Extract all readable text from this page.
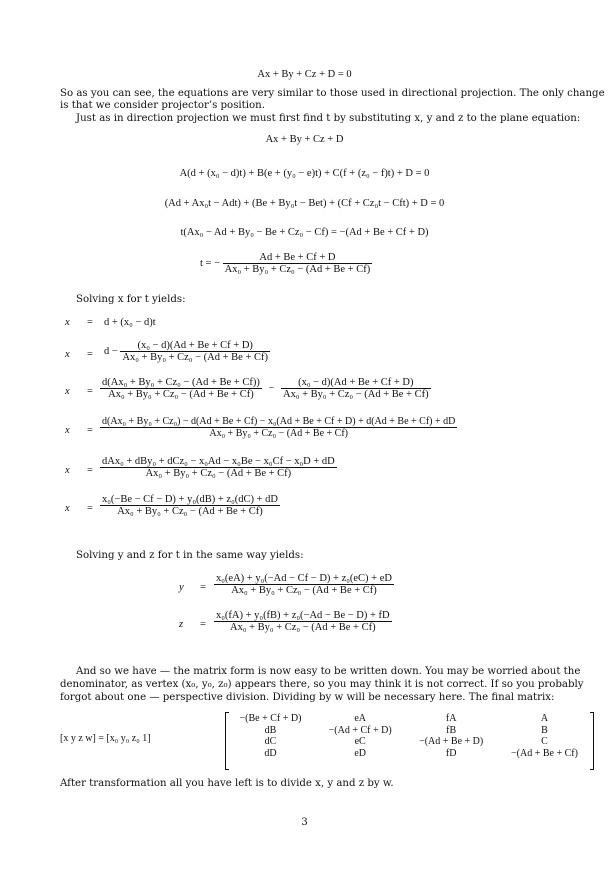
Ax + By + Cz + D = 0
So as you can see, the equations are very similar to those used in directional projection. The only change
is that we consider projector’s position.
Just as in direction projection we must first find t by substituting x, y and z to the plane equation:
Ax + By + Cz + D
A(d + (x₀ − d)t) + B(e + (y₀ − e)t) + C(f + (z₀ − f)t) + D = 0
(Ad + Ax₀t − Adt) + (Be + By₀t − Bet) + (Cf + Cz₀t − Cft) + D = 0
t(Ax₀ − Ad + By₀ − Be + Cz₀ − Cf) = −(Ad + Be + Cf + D)
t = − $\frac{Ad + Be + Cf + D}{\text{Ax₀ + By₀ + Cz₀ − (Ad + Be + Cf)}}$
Solving x for t yields:
x	=	d + (x₀ − d)t
x	=	$d - \frac{\text{(x₀ − d)(Ad + Be + Cf + D)}}{\text{Ax₀ + By₀ + Cz₀ − (Ad + Be + Cf)}}$
x	= $\frac{\text{d(Ax₀ + By₀ + Cz₀ − (Ad + Be + Cf))}}{\text{Ax₀ + By₀ + Cz₀ − (Ad + Be + Cf)}} - \frac{\text{(x₀ − d)(Ad + Be + Cf + D)}}{\text{Ax₀ + By₀ + Cz₀ − (Ad + Be + Cf)}}$
x	=
d(Ax₀ + By₀ + Cz₀) − d(Ad + Be + Cf) − x₀(Ad + Be + Cf + D) + d(Ad + Be + Cf) + dD
Ax₀ + By₀ + Cz₀ − (Ad + Be + Cf)
x	= $\frac{\text{dAx₀ + dBy₀ + dCz₀ − x₀Ad − x₀Be − x₀Cf − x₀D + dD}}{\text{Ax₀ + By₀ + Cz₀ − (Ad + Be + Cf)}}$
x	= $\frac{\text{x₀(−Be − Cf − D) + y₀(dB) + z₀(dC) + dD}}{\text{Ax₀ + By₀ + Cz₀ − (Ad + Be + Cf)}}$
Solving y and z for t in the same way yields:
y	= $\frac{\text{x₀(eA) + y₀(−Ad − Cf − D) + z₀(eC) + eD}}{\text{Ax₀ + By₀ + Cz₀ − (Ad + Be + Cf)}}$
z	= $\frac{\text{x₀(fA) + y₀(fB) + z₀(−Ad − Be − D) + fD}}{\text{Ax₀ + By₀ + Cz₀ − (Ad + Be + Cf)}}$
And so we have — the matrix form is now easy to be written down. You may be worried about the
denominator, as vertex (x₀, y₀, z₀) appears there, so you may think it is not correct. If so you probably
forgot about one — perspective division. Dividing by w will be necessary here. The final matrix:
[x y z w] = [x₀ y₀ z₀ 1]
−(Be + Cf + D)	eA	fA	A
dB	−(Ad + Cf + D)	fB	B
dC	eC	−(Ad + Be + D)	C
dD	eD	fD	−(Ad + Be + Cf)
After transformation all you have left is to divide x, y and z by w.
3
